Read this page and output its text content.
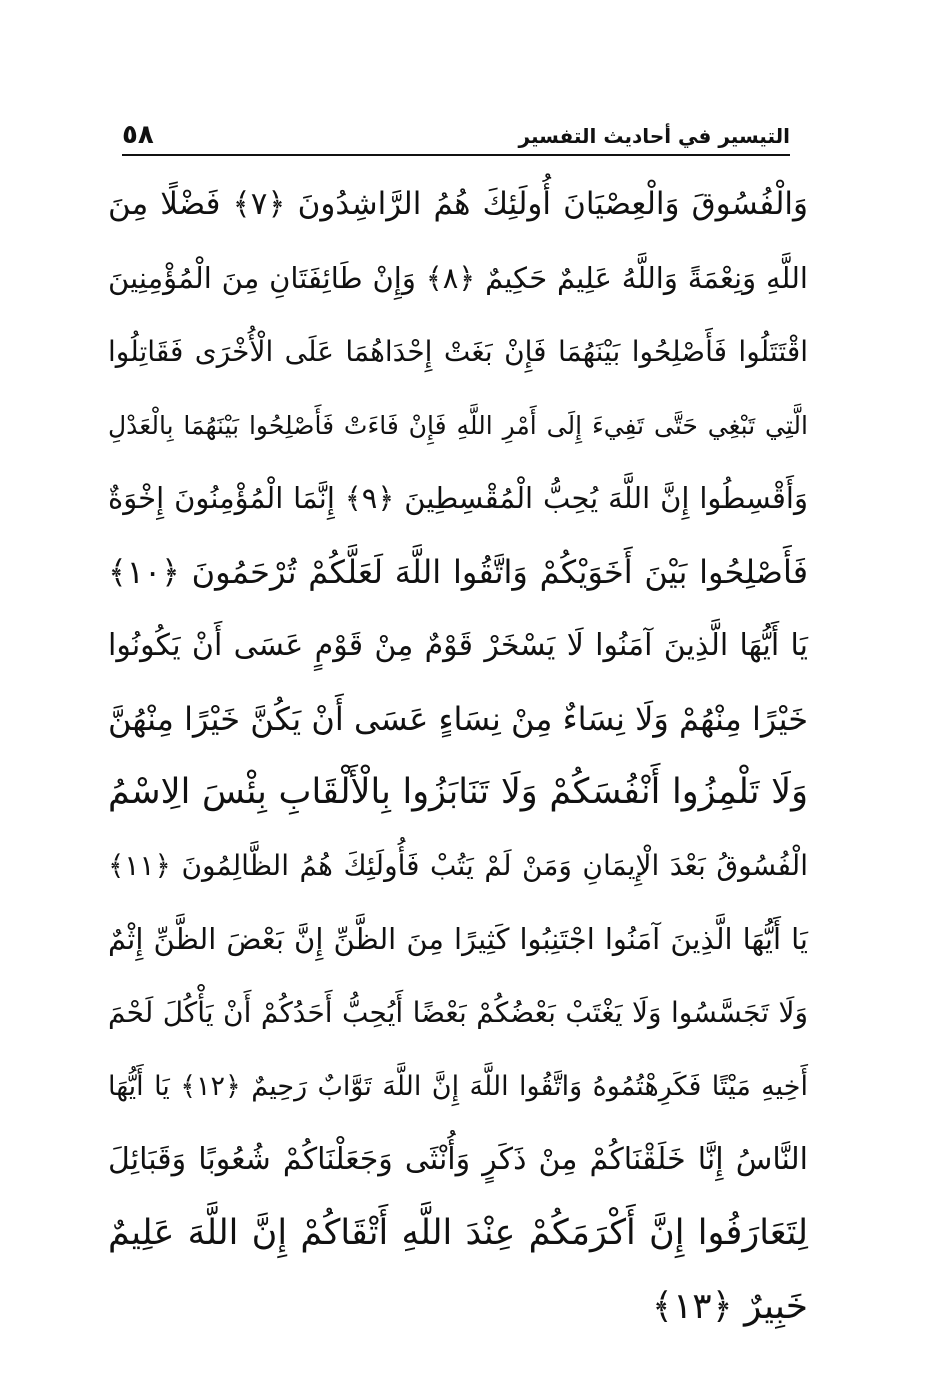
٥٨	التيسير في أحاديث التفسير
وَالْفُسُوقَ وَالْعِصْيَانَ أُولَئِكَ هُمُ الرَّاشِدُونَ ﴿٧﴾ فَضْلًا مِنَ
اللَّهِ وَنِعْمَةً وَاللَّهُ عَلِيمٌ حَكِيمٌ ﴿٨﴾ وَإِنْ طَائِفَتَانِ مِنَ الْمُؤْمِنِينَ
اقْتَتَلُوا فَأَصْلِحُوا بَيْنَهُمَا فَإِنْ بَغَتْ إِحْدَاهُمَا عَلَى الْأُخْرَى فَقَاتِلُوا
الَّتِي تَبْغِي حَتَّى تَفِيءَ إِلَى أَمْرِ اللَّهِ فَإِنْ فَاءَتْ فَأَصْلِحُوا بَيْنَهُمَا بِالْعَدْلِ
وَأَقْسِطُوا إِنَّ اللَّهَ يُحِبُّ الْمُقْسِطِينَ ﴿٩﴾ إِنَّمَا الْمُؤْمِنُونَ إِخْوَةٌ
فَأَصْلِحُوا بَيْنَ أَخَوَيْكُمْ وَاتَّقُوا اللَّهَ لَعَلَّكُمْ تُرْحَمُونَ ﴿١٠﴾
يَا أَيُّهَا الَّذِينَ آمَنُوا لَا يَسْخَرْ قَوْمٌ مِنْ قَوْمٍ عَسَى أَنْ يَكُونُوا
خَيْرًا مِنْهُمْ وَلَا نِسَاءٌ مِنْ نِسَاءٍ عَسَى أَنْ يَكُنَّ خَيْرًا مِنْهُنَّ
وَلَا تَلْمِزُوا أَنْفُسَكُمْ وَلَا تَنَابَزُوا بِالْأَلْقَابِ بِئْسَ الِاسْمُ
الْفُسُوقُ بَعْدَ الْإِيمَانِ وَمَنْ لَمْ يَتُبْ فَأُولَئِكَ هُمُ الظَّالِمُونَ ﴿١١﴾
يَا أَيُّهَا الَّذِينَ آمَنُوا اجْتَنِبُوا كَثِيرًا مِنَ الظَّنِّ إِنَّ بَعْضَ الظَّنِّ إِثْمٌ
وَلَا تَجَسَّسُوا وَلَا يَغْتَبْ بَعْضُكُمْ بَعْضًا أَيُحِبُّ أَحَدُكُمْ أَنْ يَأْكُلَ لَحْمَ
أَخِيهِ مَيْتًا فَكَرِهْتُمُوهُ وَاتَّقُوا اللَّهَ إِنَّ اللَّهَ تَوَّابٌ رَحِيمٌ ﴿١٢﴾ يَا أَيُّهَا
النَّاسُ إِنَّا خَلَقْنَاكُمْ مِنْ ذَكَرٍ وَأُنْثَى وَجَعَلْنَاكُمْ شُعُوبًا وَقَبَائِلَ
لِتَعَارَفُوا إِنَّ أَكْرَمَكُمْ عِنْدَ اللَّهِ أَتْقَاكُمْ إِنَّ اللَّهَ عَلِيمٌ
خَبِيرٌ ﴿١٣﴾
